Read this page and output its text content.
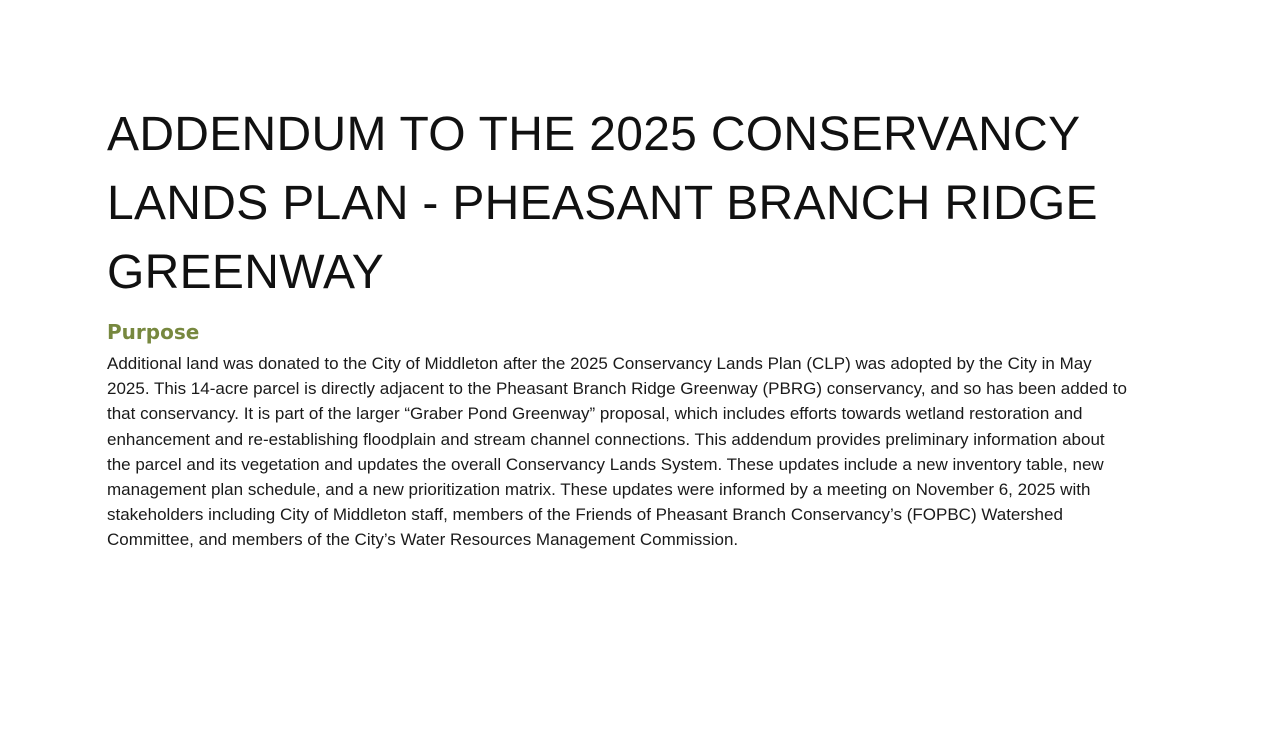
ADDENDUM TO THE 2025 CONSERVANCY LANDS PLAN - PHEASANT BRANCH RIDGE GREENWAY
Purpose

Additional land was donated to the City of Middleton after the 2025 Conservancy Lands Plan (CLP) was adopted by the City in May 2025. This 14-acre parcel is directly adjacent to the Pheasant Branch Ridge Greenway (PBRG) conservancy, and so has been added to that conservancy. It is part of the larger “Graber Pond Greenway” proposal, which includes efforts towards wetland restoration and enhancement and re-establishing floodplain and stream channel connections. This addendum provides preliminary information about the parcel and its vegetation and updates the overall Conservancy Lands System. These updates include a new inventory table, new management plan schedule, and a new prioritization matrix. These updates were informed by a meeting on November 6, 2025 with stakeholders including City of Middleton staff, members of the Friends of Pheasant Branch Conservancy’s (FOPBC) Watershed Committee, and members of the City’s Water Resources Management Commission.
